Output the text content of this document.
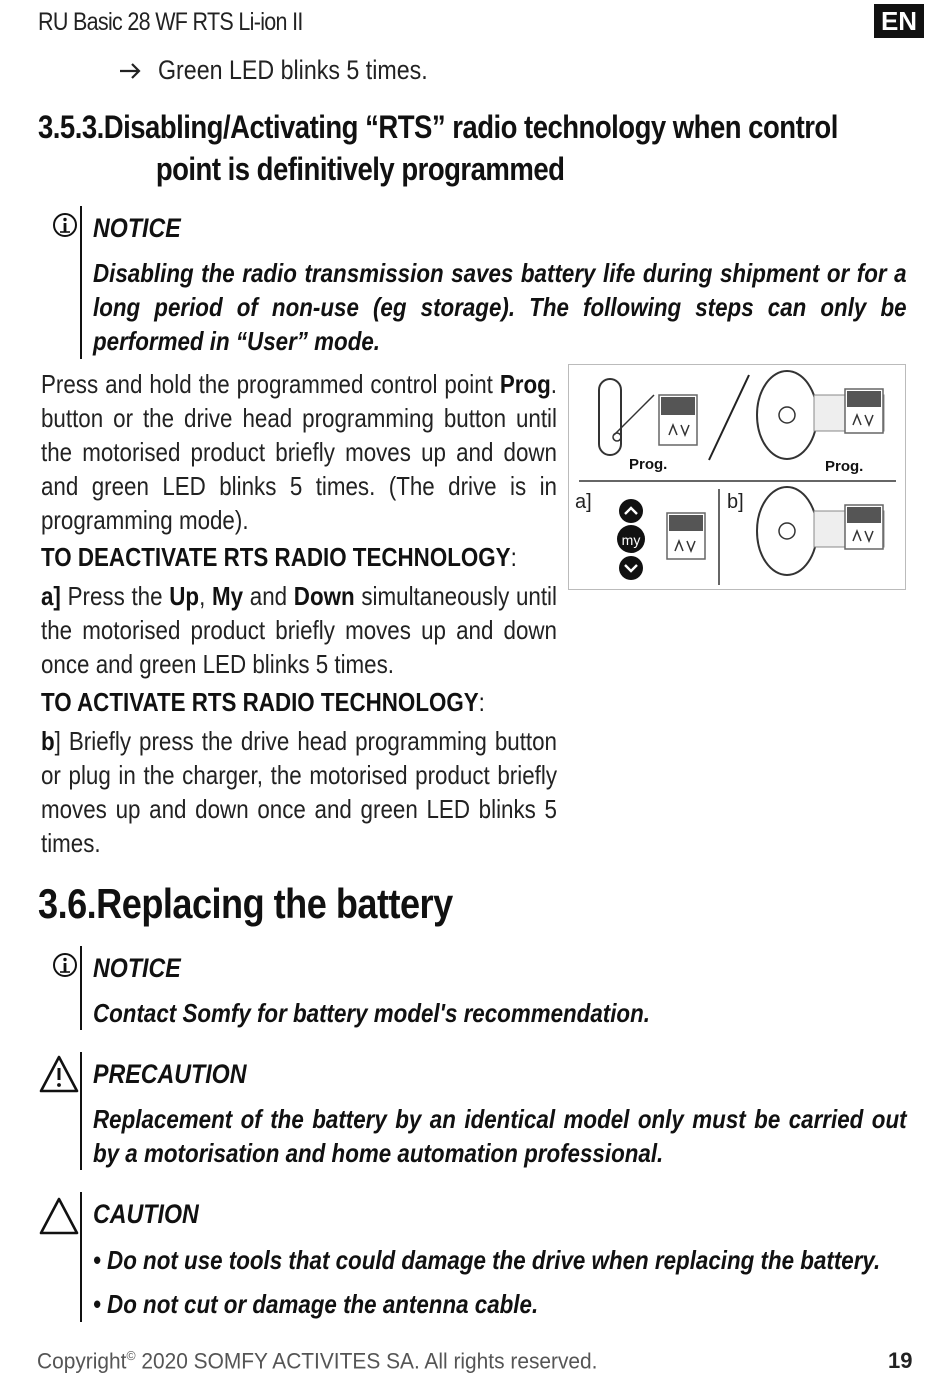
RU Basic 28 WF RTS Li-ion II	EN
Green LED blinks 5 times.
3.5.3.Disabling/Activating “RTS” radio technology when control
point is definitively programmed
NOTICE
Disabling the radio transmission saves battery life during shipment or for a long period of non-use (eg storage). The following steps can only be performed in “User” mode.
Press and hold the programmed control point Prog. button or the drive head programming button until the motorised product briefly moves up and down and green LED blinks 5 times. (The drive is in programming mode).
TO DEACTIVATE RTS RADIO TECHNOLOGY:
a] Press the Up, My and Down simultaneously until the motorised product briefly moves up and down once and green LED blinks 5 times.
TO ACTIVATE RTS RADIO TECHNOLOGY:
b] Briefly press the drive head programming button or plug in the charger, the motorised product briefly moves up and down once and green LED blinks 5 times.
Prog.	Prog.
a]	b]
my
3.6.Replacing the battery
NOTICE
Contact Somfy for battery model's recommendation.
PRECAUTION
Replacement of the battery by an identical model only must be carried out by a motorisation and home automation professional.
CAUTION
• Do not use tools that could damage the drive when replacing the battery.
• Do not cut or damage the antenna cable.
Copyright© 2020 SOMFY ACTIVITES SA. All rights reserved.	19
